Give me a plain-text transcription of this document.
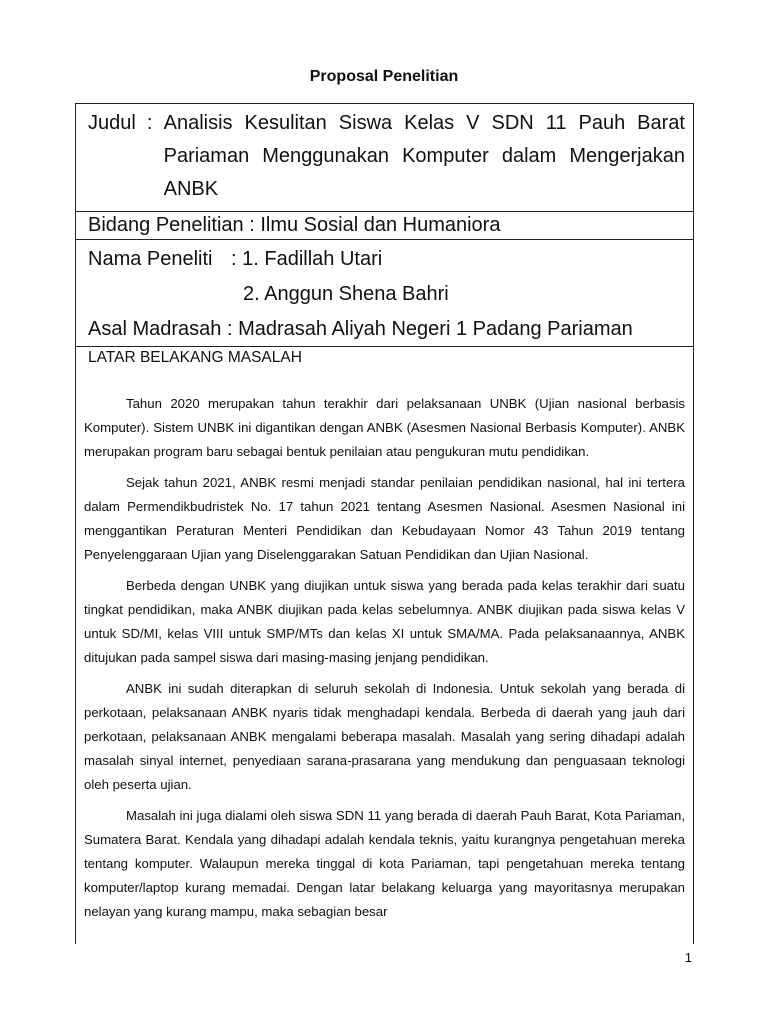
Proposal Penelitian
Judul  : Analisis Kesulitan Siswa Kelas V SDN 11 Pauh Barat

Pariaman Menggunakan Komputer dalam Mengerjakan

ANBK

Bidang Penelitian : Ilmu Sosial dan Humaniora
Nama Peneliti : 1. Fadillah Utari
2. Anggun Shena Bahri
Asal Madrasah : Madrasah Aliyah Negeri 1 Padang Pariaman
LATAR BELAKANG MASALAH

Tahun 2020 merupakan tahun terakhir dari pelaksanaan UNBK (Ujian nasional berbasis Komputer). Sistem UNBK ini digantikan dengan ANBK (Asesmen Nasional Berbasis Komputer). ANBK merupakan program baru sebagai bentuk penilaian atau pengukuran mutu pendidikan.

Sejak tahun 2021, ANBK resmi menjadi standar penilaian pendidikan nasional, hal ini tertera dalam Permendikbudristek No. 17 tahun 2021 tentang Asesmen Nasional. Asesmen Nasional ini menggantikan Peraturan Menteri Pendidikan dan Kebudayaan Nomor 43 Tahun 2019 tentang Penyelenggaraan Ujian yang Diselenggarakan Satuan Pendidikan dan Ujian Nasional.

Berbeda dengan UNBK yang diujikan untuk siswa yang berada pada kelas terakhir dari suatu tingkat pendidikan, maka ANBK diujikan pada kelas sebelumnya. ANBK diujikan pada siswa kelas V untuk SD/MI, kelas VIII untuk SMP/MTs dan kelas XI untuk SMA/MA. Pada pelaksanaannya, ANBK ditujukan pada sampel siswa dari masing-masing jenjang pendidikan.

ANBK ini sudah diterapkan di seluruh sekolah di Indonesia. Untuk sekolah yang berada di perkotaan, pelaksanaan ANBK nyaris tidak menghadapi kendala. Berbeda di daerah yang jauh dari perkotaan, pelaksanaan ANBK mengalami beberapa masalah. Masalah yang sering dihadapi adalah masalah sinyal internet, penyediaan sarana-prasarana yang mendukung dan penguasaan teknologi oleh peserta ujian.

Masalah ini juga dialami oleh siswa SDN 11 yang berada di daerah Pauh Barat, Kota Pariaman, Sumatera Barat. Kendala yang dihadapi adalah kendala teknis, yaitu kurangnya pengetahuan mereka tentang komputer. Walaupun mereka tinggal di kota Pariaman, tapi pengetahuan mereka tentang komputer/laptop kurang memadai. Dengan latar belakang keluarga yang mayoritasnya merupakan nelayan yang kurang mampu, maka sebagian besar

1
